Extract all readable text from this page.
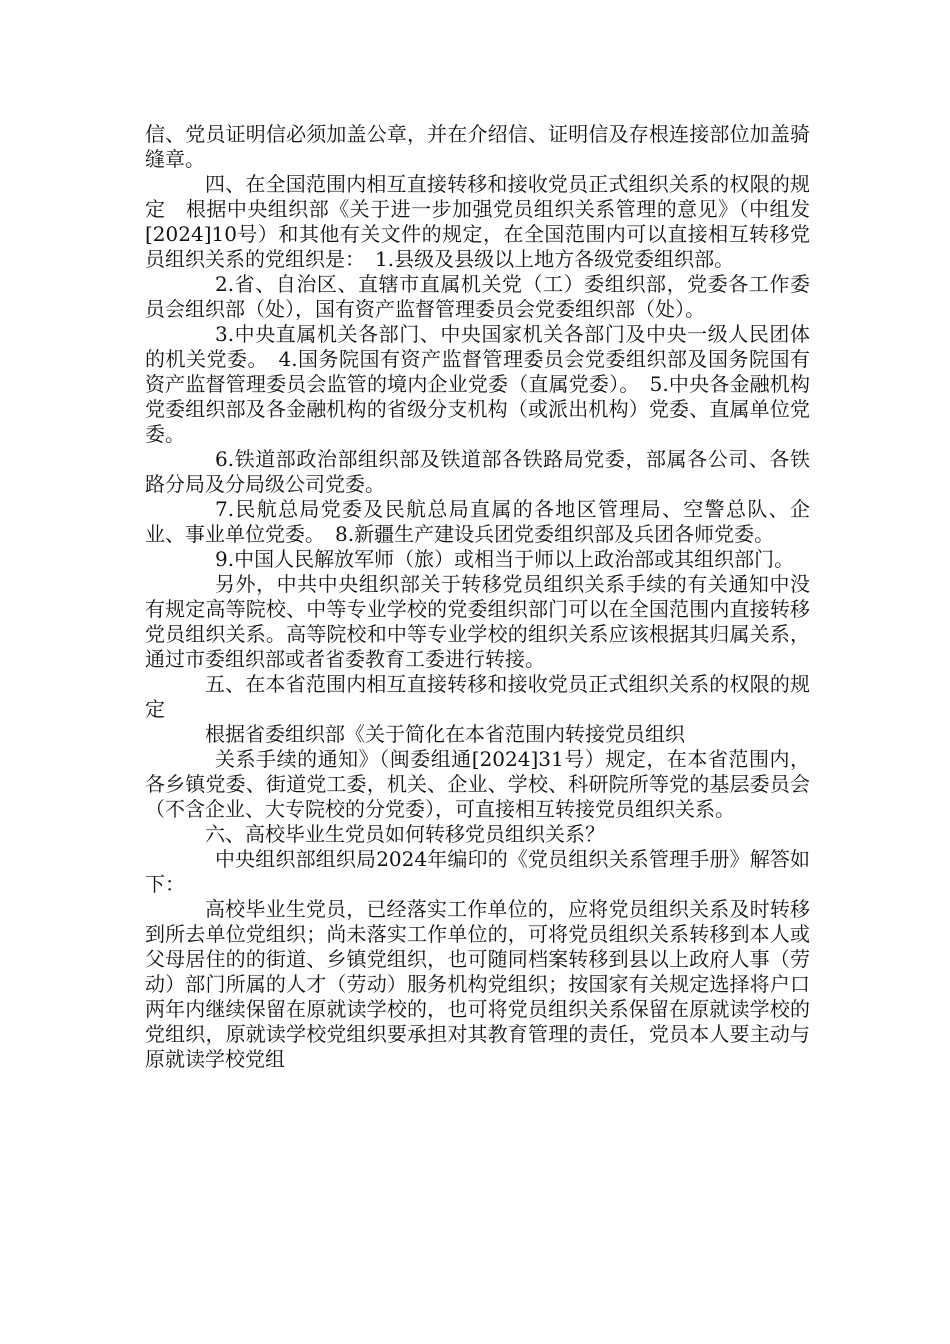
信、党员证明信必须加盖公章，并在介绍信、证明信及存根连接部位加盖骑缝章。

四、在全国范围内相互直接转移和接收党员正式组织关系的权限的规定　根据中央组织部《关于进一步加强党员组织关系管理的意见》（中组发[2024]10号）和其他有关文件的规定，在全国范围内可以直接相互转移党员组织关系的党组织是：　1.县级及县级以上地方各级党委组织部。

2.省、自治区、直辖市直属机关党（工）委组织部，党委各工作委员会组织部（处），国有资产监督管理委员会党委组织部（处）。

3.中央直属机关各部门、中央国家机关各部门及中央一级人民团体的机关党委。　4.国务院国有资产监督管理委员会党委组织部及国务院国有资产监督管理委员会监管的境内企业党委（直属党委）。　5.中央各金融机构党委组织部及各金融机构的省级分支机构（或派出机构）党委、直属单位党委。

6.铁道部政治部组织部及铁道部各铁路局党委，部属各公司、各铁路分局及分局级公司党委。

7.民航总局党委及民航总局直属的各地区管理局、空警总队、企业、事业单位党委。　8.新疆生产建设兵团党委组织部及兵团各师党委。

9.中国人民解放军师（旅）或相当于师以上政治部或其组织部门。

另外，中共中央组织部关于转移党员组织关系手续的有关通知中没有规定高等院校、中等专业学校的党委组织部门可以在全国范围内直接转移党员组织关系。高等院校和中等专业学校的组织关系应该根据其归属关系，通过市委组织部或者省委教育工委进行转接。

五、在本省范围内相互直接转移和接收党员正式组织关系的权限的规定

根据省委组织部《关于简化在本省范围内转接党员组织

关系手续的通知》（闽委组通[2024]31号）规定，在本省范围内，各乡镇党委、街道党工委，机关、企业、学校、科研院所等党的基层委员会（不含企业、大专院校的分党委），可直接相互转接党员组织关系。

六、高校毕业生党员如何转移党员组织关系？

中央组织部组织局2024年编印的《党员组织关系管理手册》解答如下：

高校毕业生党员，已经落实工作单位的，应将党员组织关系及时转移到所去单位党组织；尚未落实工作单位的，可将党员组织关系转移到本人或父母居住的的街道、乡镇党组织，也可随同档案转移到县以上政府人事（劳动）部门所属的人才（劳动）服务机构党组织；按国家有关规定选择将户口两年内继续保留在原就读学校的，也可将党员组织关系保留在原就读学校的党组织，原就读学校党组织要承担对其教育管理的责任，党员本人要主动与原就读学校党组
